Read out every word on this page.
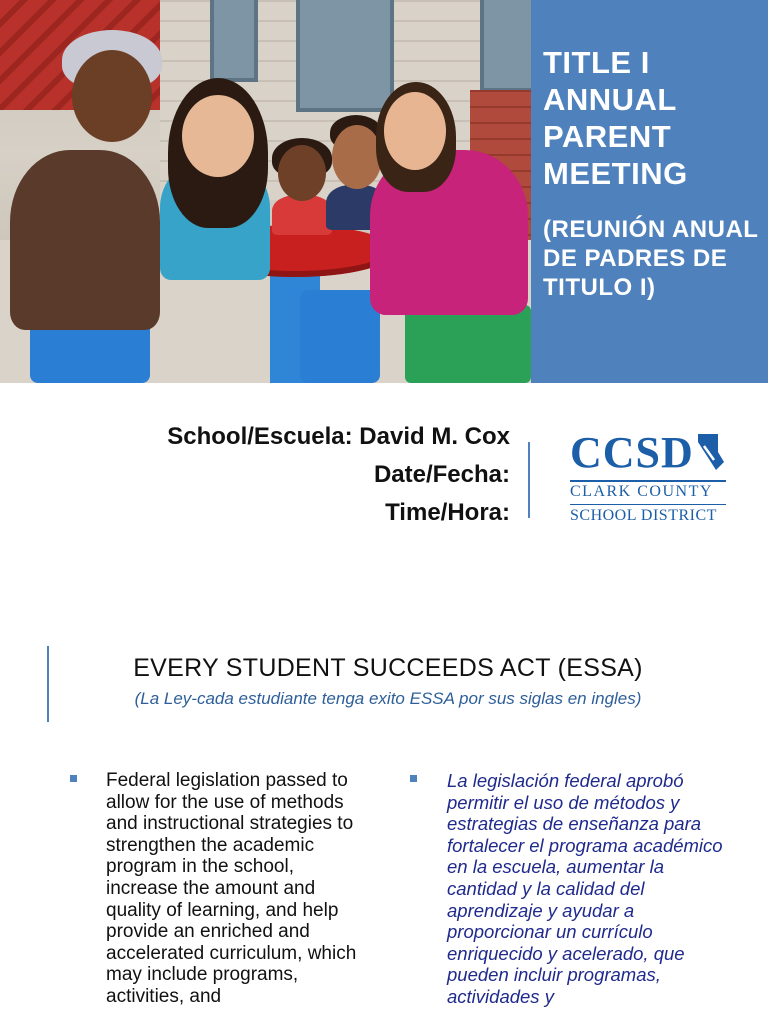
TITLE I ANNUAL PARENT MEETING

(REUNIÓN ANUAL DE PADRES DE TITULO I)

School/Escuela: David M. Cox
Date/Fecha:
Time/Hora:

CCSD

CLARK COUNTY

SCHOOL DISTRICT

EVERY STUDENT SUCCEEDS ACT (ESSA)

(La Ley-cada estudiante tenga exito ESSA por sus siglas en ingles)

Federal legislation passed to allow for the use of methods and instructional strategies to strengthen the academic program in the school, increase the amount and quality of learning, and help provide an enriched and accelerated curriculum, which may include programs, activities, and

La legislación federal aprobó permitir el uso de métodos y estrategias de enseñanza para fortalecer el programa académico en la escuela, aumentar la cantidad y la calidad del aprendizaje y ayudar a proporcionar un currículo enriquecido y acelerado, que pueden incluir programas, actividades y
